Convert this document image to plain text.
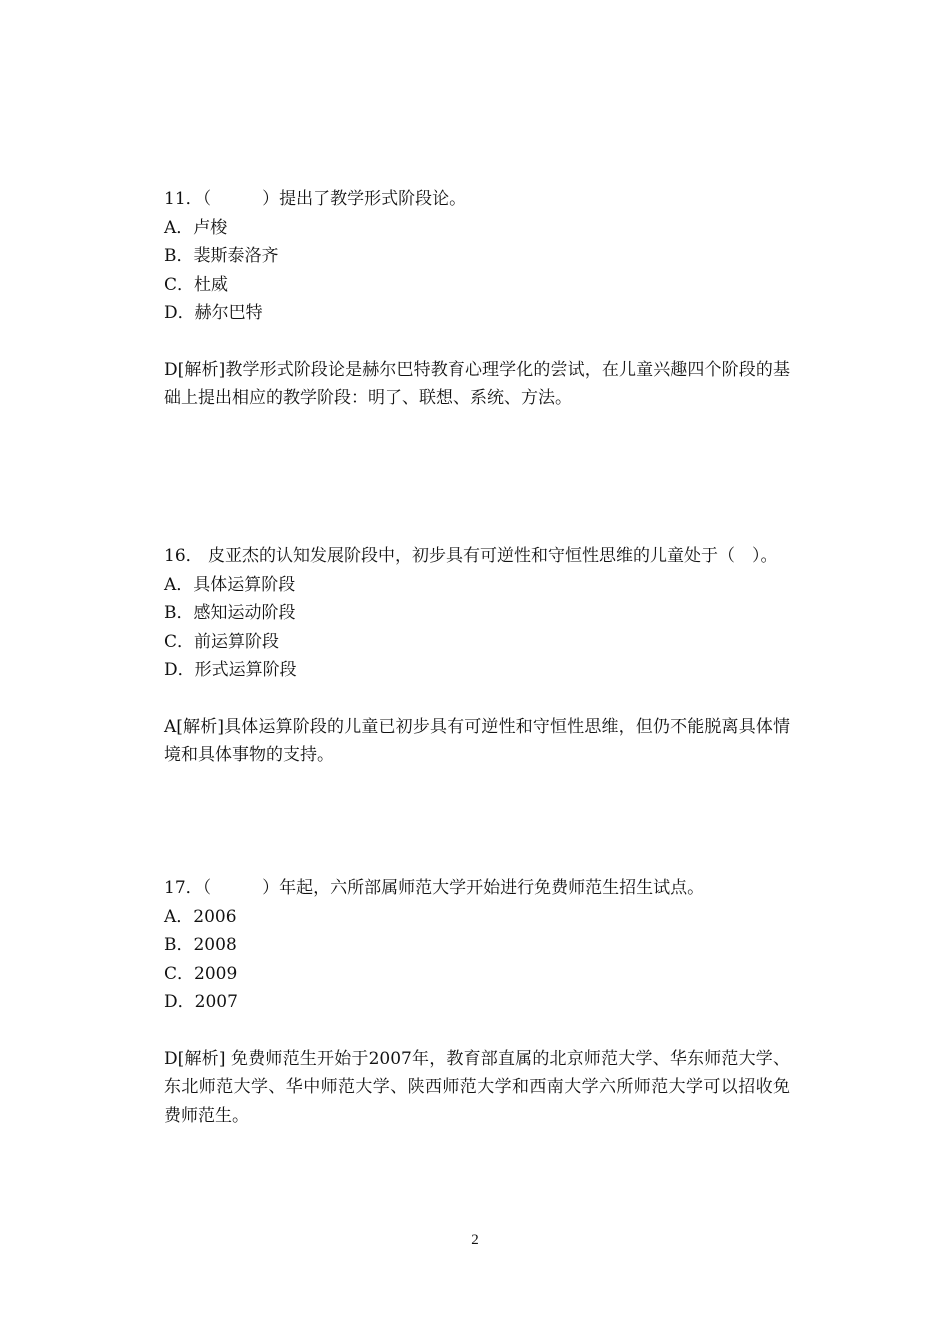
11．（　　　）提出了教学形式阶段论。
A．卢梭
B．裴斯泰洛齐
C．杜威
D．赫尔巴特
D[解析]教学形式阶段论是赫尔巴特教育心理学化的尝试，在儿童兴趣四个阶段的基础上提出相应的教学阶段：明了、联想、系统、方法。
16． 皮亚杰的认知发展阶段中，初步具有可逆性和守恒性思维的儿童处于（　）。
A．具体运算阶段
B．感知运动阶段
C．前运算阶段
D．形式运算阶段
A[解析]具体运算阶段的儿童已初步具有可逆性和守恒性思维，但仍不能脱离具体情境和具体事物的支持。
17．（　　　）年起，六所部属师范大学开始进行免费师范生招生试点。
A．2006
B．2008
C．2009
D．2007
D[解析] 免费师范生开始于2007年，教育部直属的北京师范大学、华东师范大学、东北师范大学、华中师范大学、陕西师范大学和西南大学六所师范大学可以招收免费师范生。
2
